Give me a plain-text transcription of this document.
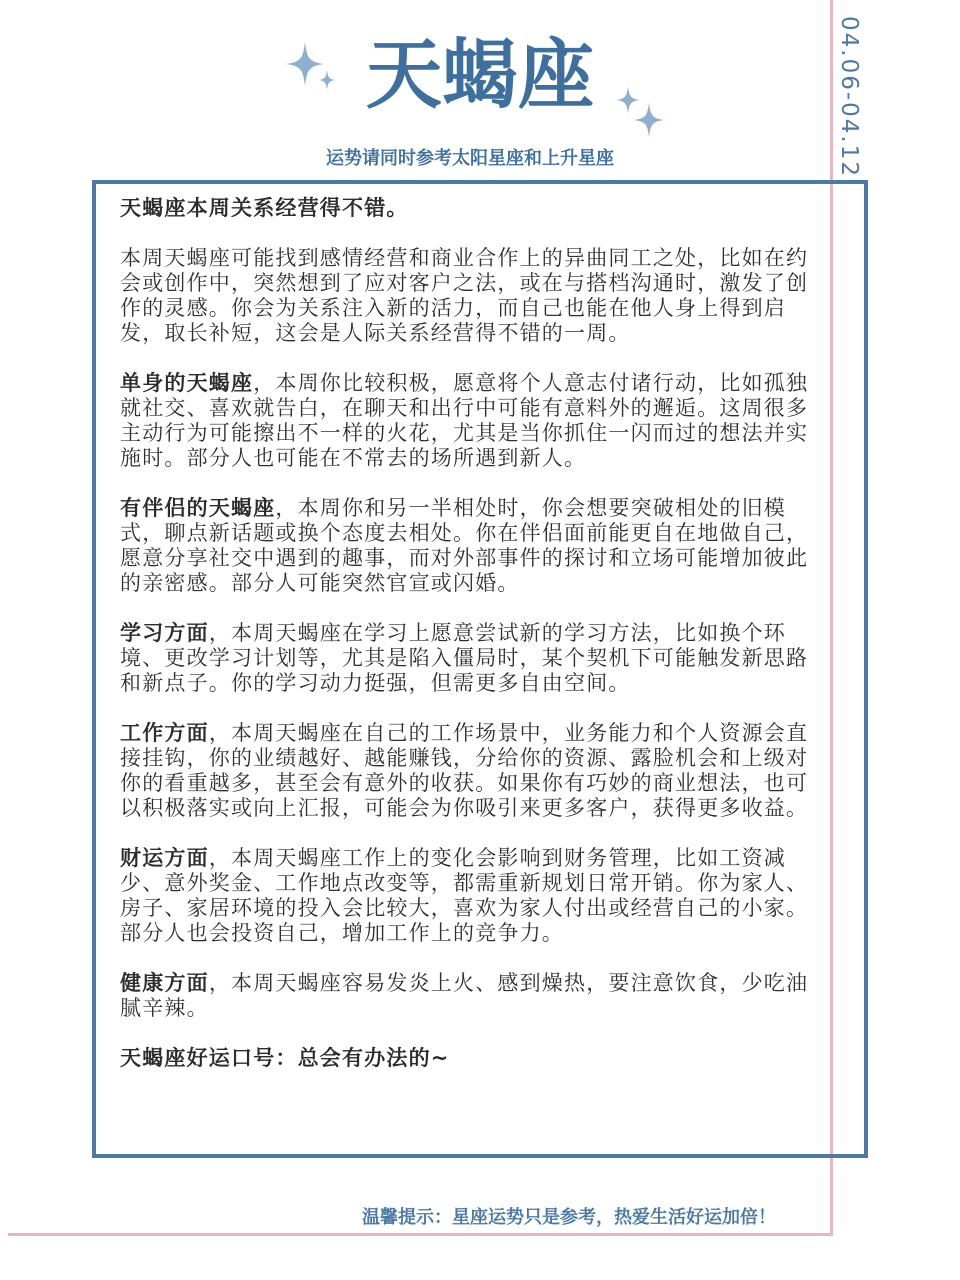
04.06-04.12
天蝎座
运势请同时参考太阳星座和上升星座

天蝎座本周关系经营得不错。

本周天蝎座可能找到感情经营和商业合作上的异曲同工之处，比如在约会或创作中，突然想到了应对客户之法，或在与搭档沟通时，激发了创作的灵感。你会为关系注入新的活力，而自己也能在他人身上得到启发，取长补短，这会是人际关系经营得不错的一周。

单身的天蝎座，本周你比较积极，愿意将个人意志付诸行动，比如孤独就社交、喜欢就告白，在聊天和出行中可能有意料外的邂逅。这周很多主动行为可能擦出不一样的火花，尤其是当你抓住一闪而过的想法并实施时。部分人也可能在不常去的场所遇到新人。

有伴侣的天蝎座，本周你和另一半相处时，你会想要突破相处的旧模式，聊点新话题或换个态度去相处。你在伴侣面前能更自在地做自己，愿意分享社交中遇到的趣事，而对外部事件的探讨和立场可能增加彼此的亲密感。部分人可能突然官宣或闪婚。

学习方面，本周天蝎座在学习上愿意尝试新的学习方法，比如换个环境、更改学习计划等，尤其是陷入僵局时，某个契机下可能触发新思路和新点子。你的学习动力挺强，但需更多自由空间。

工作方面，本周天蝎座在自己的工作场景中，业务能力和个人资源会直接挂钩，你的业绩越好、越能赚钱，分给你的资源、露脸机会和上级对你的看重越多，甚至会有意外的收获。如果你有巧妙的商业想法，也可以积极落实或向上汇报，可能会为你吸引来更多客户，获得更多收益。

财运方面，本周天蝎座工作上的变化会影响到财务管理，比如工资减少、意外奖金、工作地点改变等，都需重新规划日常开销。你为家人、房子、家居环境的投入会比较大，喜欢为家人付出或经营自己的小家。部分人也会投资自己，增加工作上的竞争力。

健康方面，本周天蝎座容易发炎上火、感到燥热，要注意饮食，少吃油腻辛辣。

天蝎座好运口号：总会有办法的~

温馨提示：星座运势只是参考，热爱生活好运加倍！
